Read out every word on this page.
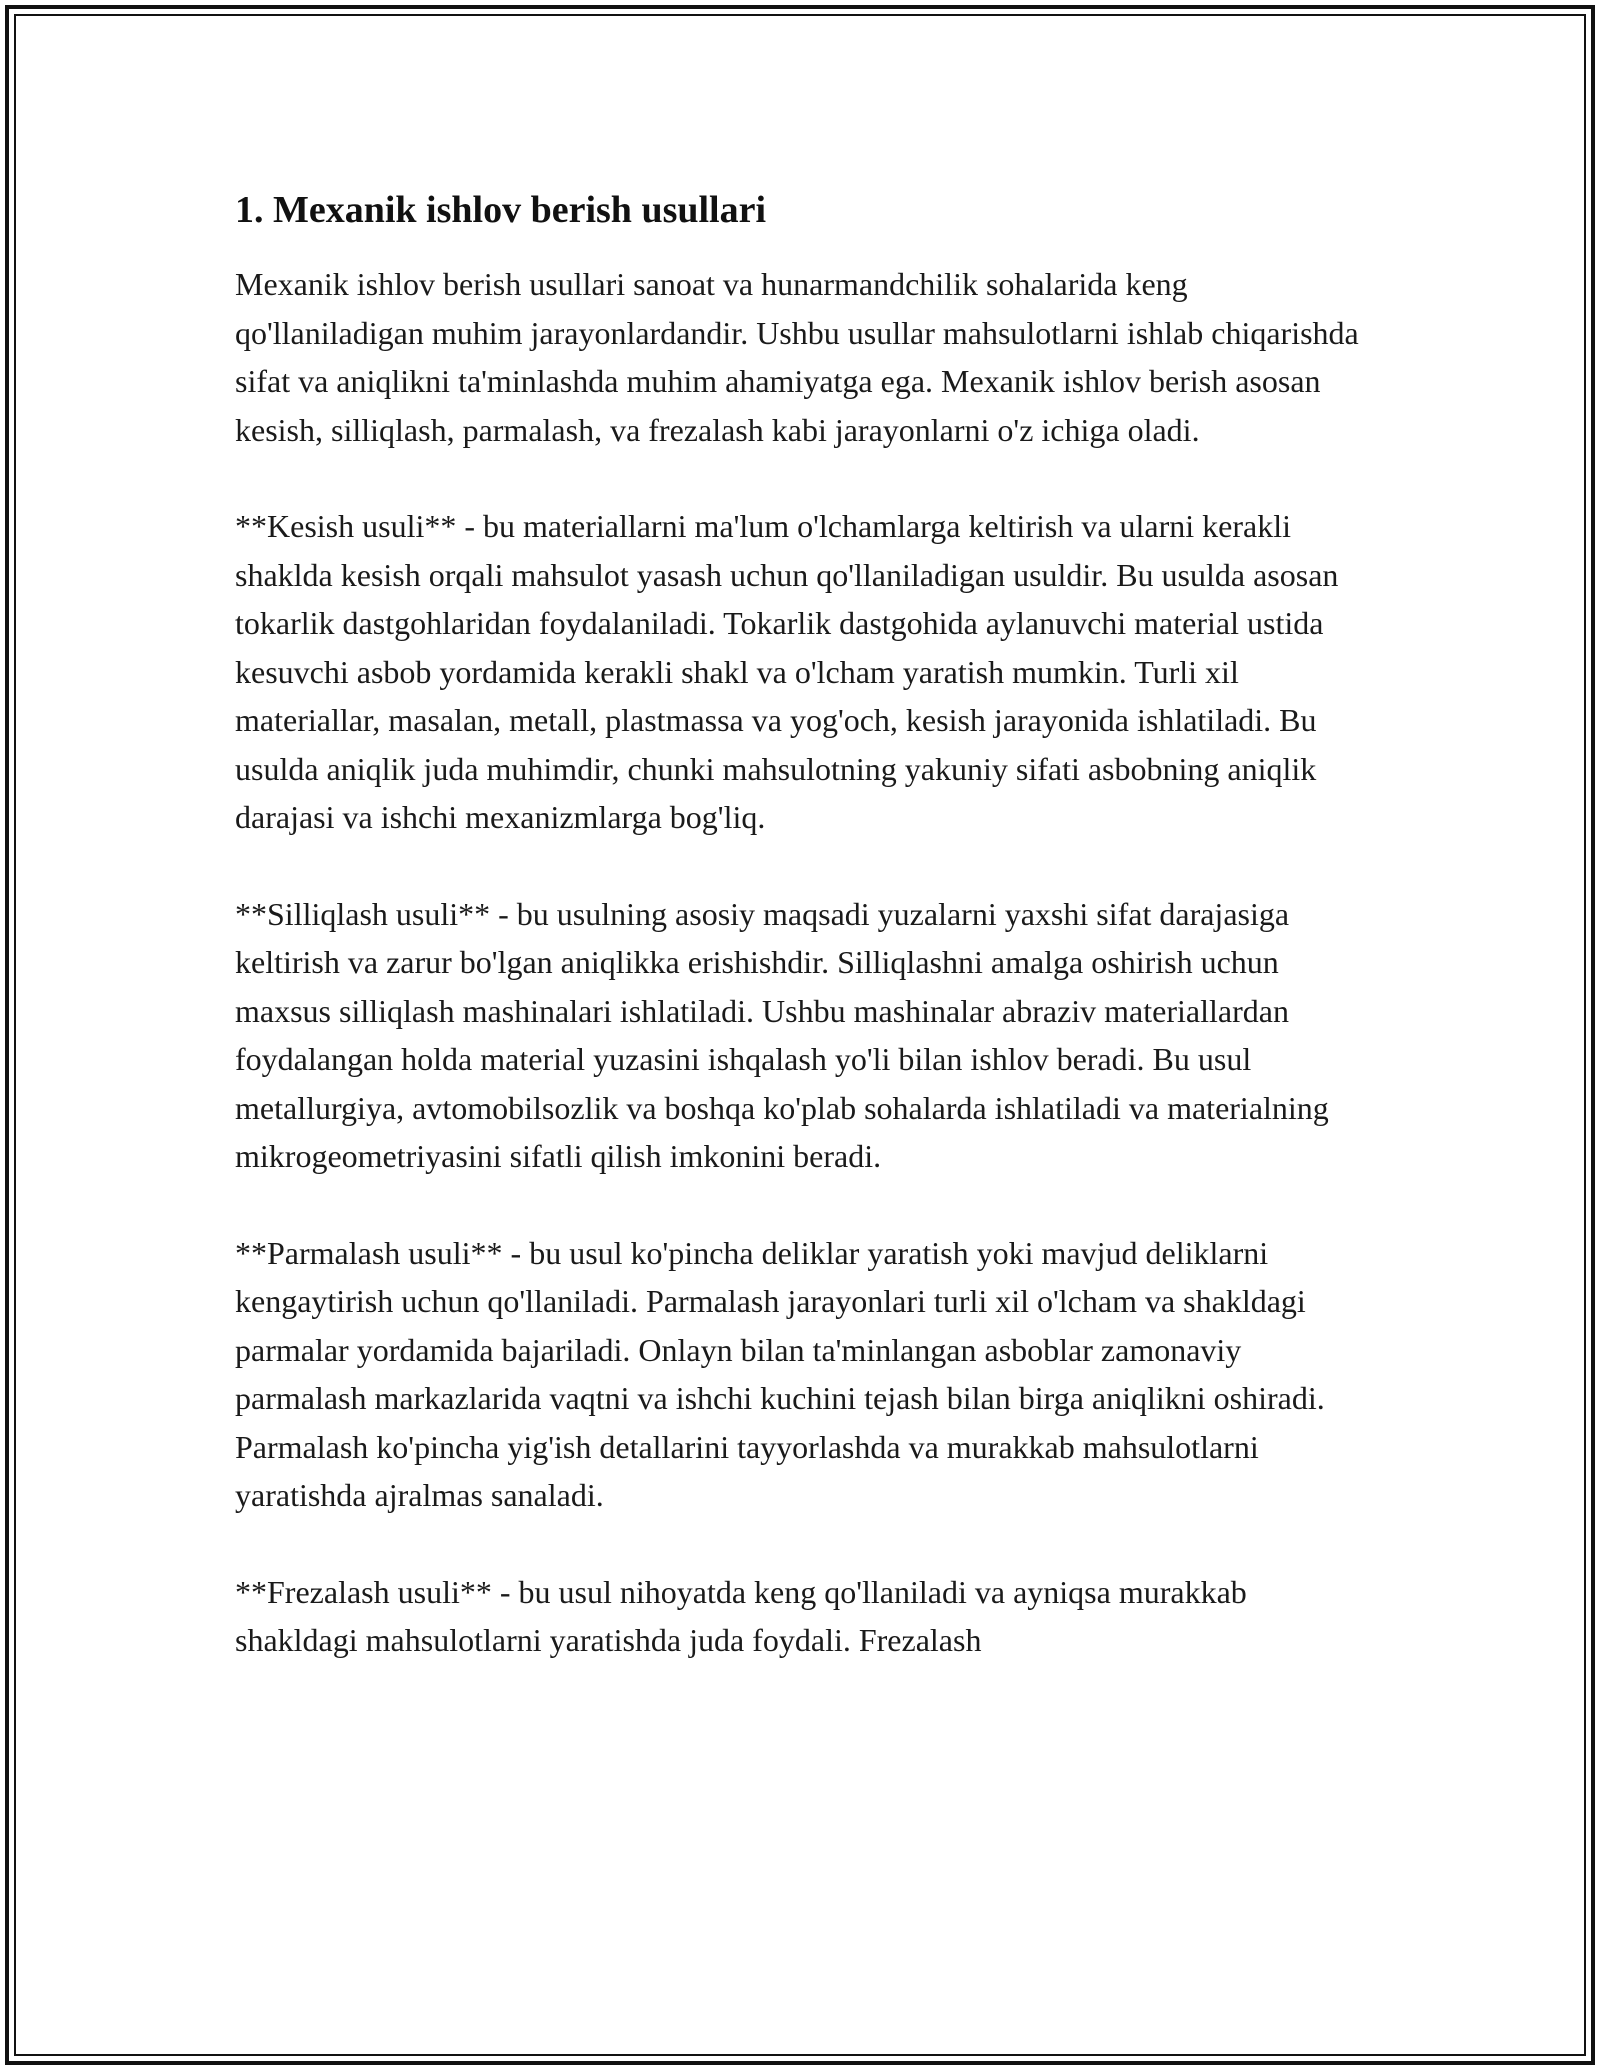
1. Mexanik ishlov berish usullari

Mexanik ishlov berish usullari sanoat va hunarmandchilik sohalarida keng qo'llaniladigan muhim jarayonlardandir. Ushbu usullar mahsulotlarni ishlab chiqarishda sifat va aniqlikni ta'minlashda muhim ahamiyatga ega. Mexanik ishlov berish asosan kesish, silliqlash, parmalash, va frezalash kabi jarayonlarni o'z ichiga oladi.

**Kesish usuli** - bu materiallarni ma'lum o'lchamlarga keltirish va ularni kerakli shaklda kesish orqali mahsulot yasash uchun qo'llaniladigan usuldir. Bu usulda asosan tokarlik dastgohlaridan foydalaniladi. Tokarlik dastgohida aylanuvchi material ustida kesuvchi asbob yordamida kerakli shakl va o'lcham yaratish mumkin. Turli xil materiallar, masalan, metall, plastmassa va yog'och, kesish jarayonida ishlatiladi. Bu usulda aniqlik juda muhimdir, chunki mahsulotning yakuniy sifati asbobning aniqlik darajasi va ishchi mexanizmlarga bog'liq.

**Silliqlash usuli** - bu usulning asosiy maqsadi yuzalarni yaxshi sifat darajasiga keltirish va zarur bo'lgan aniqlikka erishishdir. Silliqlashni amalga oshirish uchun maxsus silliqlash mashinalari ishlatiladi. Ushbu mashinalar abraziv materiallardan foydalangan holda material yuzasini ishqalash yo'li bilan ishlov beradi. Bu usul metallurgiya, avtomobilsozlik va boshqa ko'plab sohalarda ishlatiladi va materialning mikrogeometriyasini sifatli qilish imkonini beradi.

**Parmalash usuli** - bu usul ko'pincha deliklar yaratish yoki mavjud deliklarni kengaytirish uchun qo'llaniladi. Parmalash jarayonlari turli xil o'lcham va shakldagi parmalar yordamida bajariladi. Onlayn bilan ta'minlangan asboblar zamonaviy parmalash markazlarida vaqtni va ishchi kuchini tejash bilan birga aniqlikni oshiradi. Parmalash ko'pincha yig'ish detallarini tayyorlashda va murakkab mahsulotlarni yaratishda ajralmas sanaladi.

**Frezalash usuli** - bu usul nihoyatda keng qo'llaniladi va ayniqsa murakkab shakldagi mahsulotlarni yaratishda juda foydali. Frezalash
